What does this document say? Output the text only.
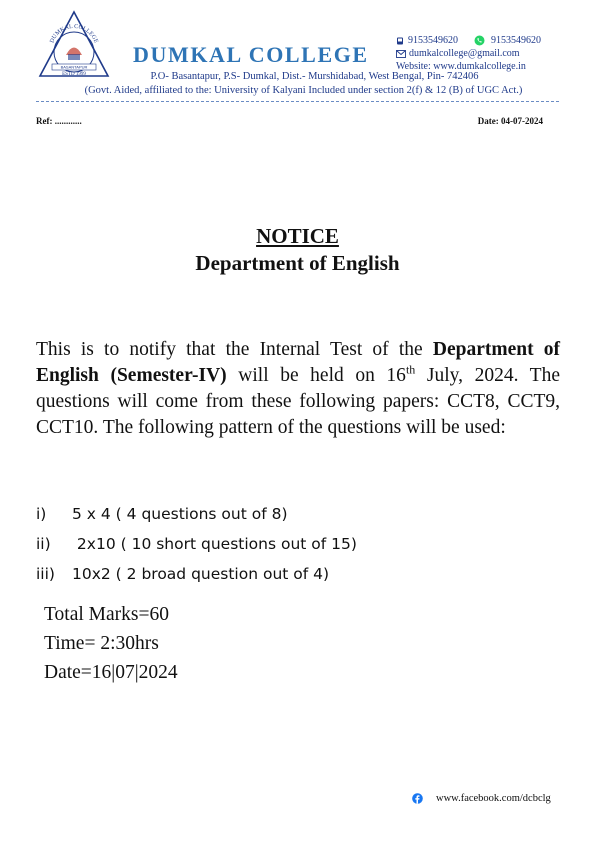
DUMKAL COLLEGE
BASANTAPUR
ESTD 1999
DUMKAL COLLEGE
9153549620	9153549620
dumkalcollege@gmail.com
Website: www.dumkalcollege.in
P.O- Basantapur, P.S- Dumkal, Dist.- Murshidabad, West Bengal, Pin- 742406
(Govt. Aided, affiliated to the: University of Kalyani Included under section 2(f) & 12 (B) of UGC Act.)
Ref: ............	Date: 04-07-2024
NOTICE
Department of English
This is to notify that the Internal Test of the Department of English (Semester-IV) will be held on 16th July, 2024. The questions will come from these following papers: CCT8, CCT9, CCT10. The following pattern of the questions will be used:
i)	5 x 4 ( 4 questions out of 8)
ii)	2x10 ( 10 short questions out of 15)
iii)	10x2 ( 2 broad question out of 4)
Total Marks=60
Time= 2:30hrs
Date=16|07|2024
www.facebook.com/dcbclg
